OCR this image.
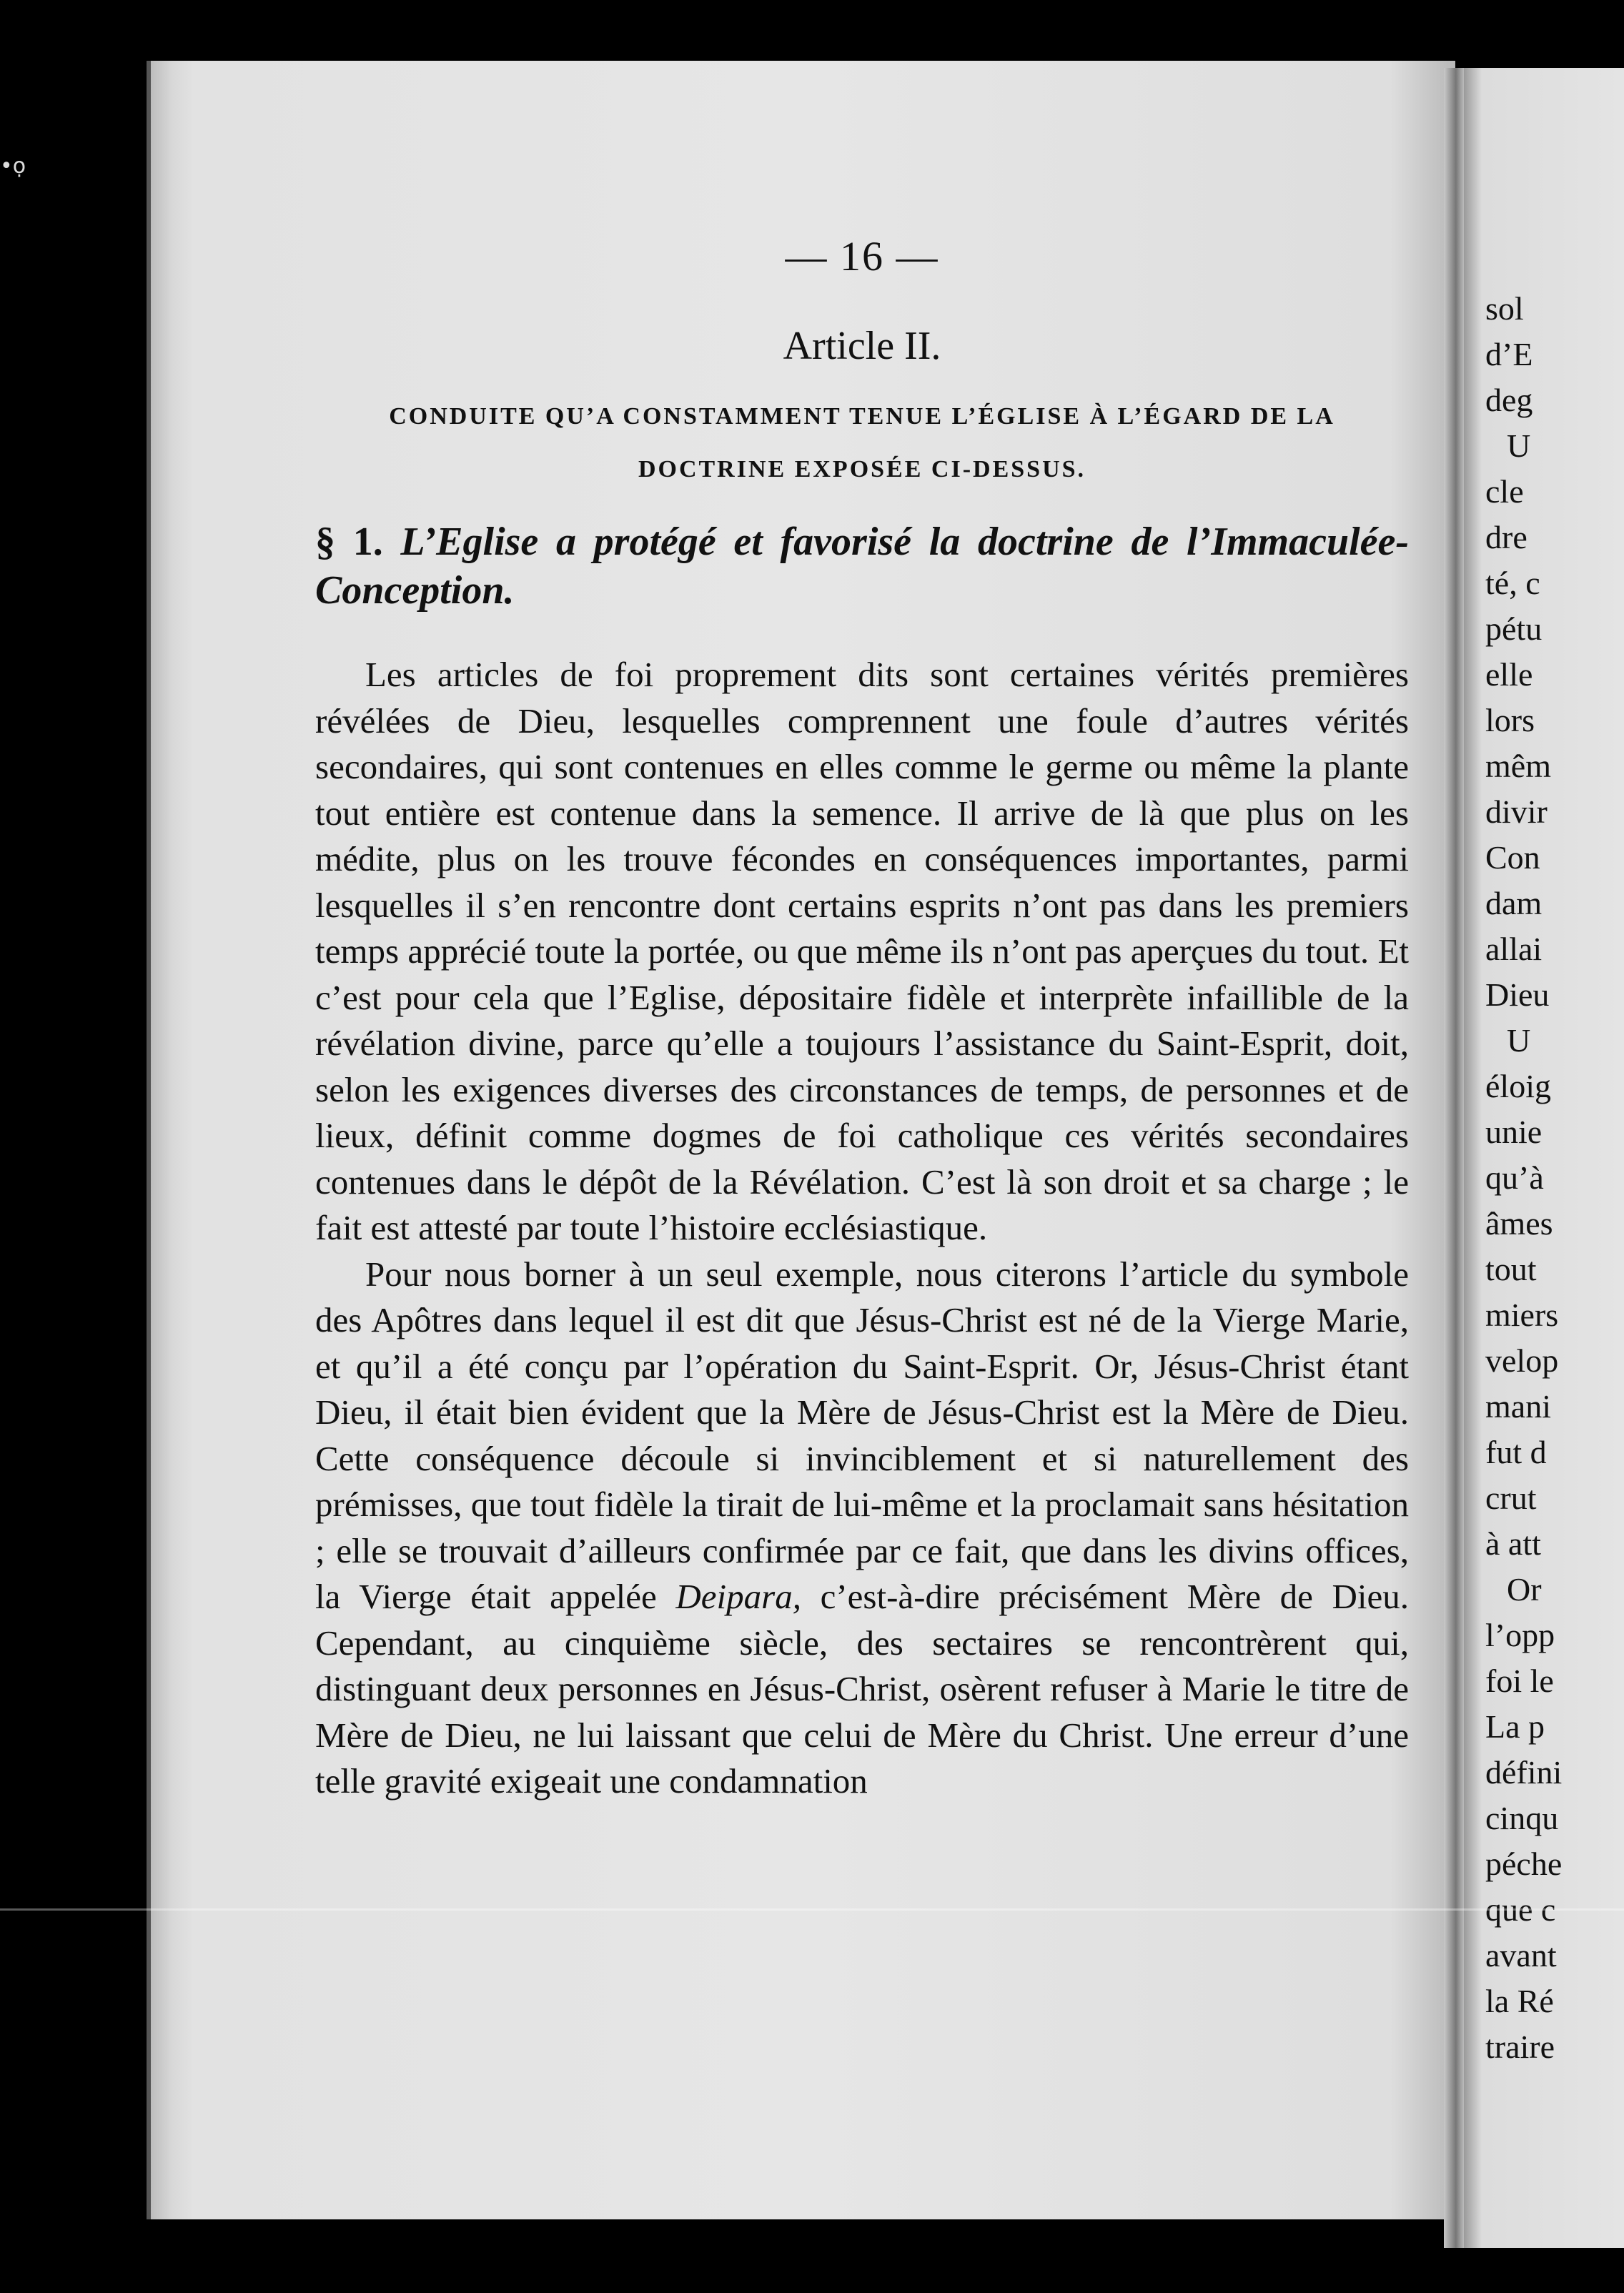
•ọ
— 16 —
Article II.
CONDUITE QU’A CONSTAMMENT TENUE L’ÉGLISE À L’ÉGARD DE LA DOCTRINE EXPOSÉE CI-DESSUS.
§ 1. L’Eglise a protégé et favorisé la doctrine de l’Immaculée-Conception.

Les articles de foi proprement dits sont certaines vérités premières révélées de Dieu, lesquelles comprennent une foule d’autres vérités secondaires, qui sont contenues en elles comme le germe ou même la plante tout entière est contenue dans la semence. Il arrive de là que plus on les médite, plus on les trouve fécondes en conséquences importantes, parmi lesquelles il s’en rencontre dont certains esprits n’ont pas dans les premiers temps apprécié toute la portée, ou que même ils n’ont pas aperçues du tout. Et c’est pour cela que l’Eglise, dépositaire fidèle et interprète infaillible de la révélation divine, parce qu’elle a toujours l’assistance du Saint-Esprit, doit, selon les exigences diverses des circonstances de temps, de personnes et de lieux, définit comme dogmes de foi catholique ces vérités secondaires contenues dans le dépôt de la Révélation. C’est là son droit et sa charge ; le fait est attesté par toute l’histoire ecclésiastique.

Pour nous borner à un seul exemple, nous citerons l’article du symbole des Apôtres dans lequel il est dit que Jésus-Christ est né de la Vierge Marie, et qu’il a été conçu par l’opération du Saint-Esprit. Or, Jésus-Christ étant Dieu, il était bien évident que la Mère de Jésus-Christ est la Mère de Dieu. Cette conséquence découle si invinciblement et si naturellement des prémisses, que tout fidèle la tirait de lui-même et la proclamait sans hésitation ; elle se trouvait d’ailleurs confirmée par ce fait, que dans les divins offices, la Vierge était appelée Deipara, c’est-à-dire précisément Mère de Dieu. Cependant, au cinquième siècle, des sectaires se rencontrèrent qui, distinguant deux personnes en Jésus-Christ, osèrent refuser à Marie le titre de Mère de Dieu, ne lui laissant que celui de Mère du Christ. Une erreur d’une telle gravité exigeait une condamnation

sol
d’E
deg
U
cle
dre
té, c
pétu
elle
lors
mêm
divir
Con
dam
allai
Dieu
U
éloig
unie
qu’à
âmes
tout
miers
velop
mani
fut d
crut
à att
Or
l’opp
foi le
La p
défini
cinqu
péche
que c
avant
la Ré
traire
